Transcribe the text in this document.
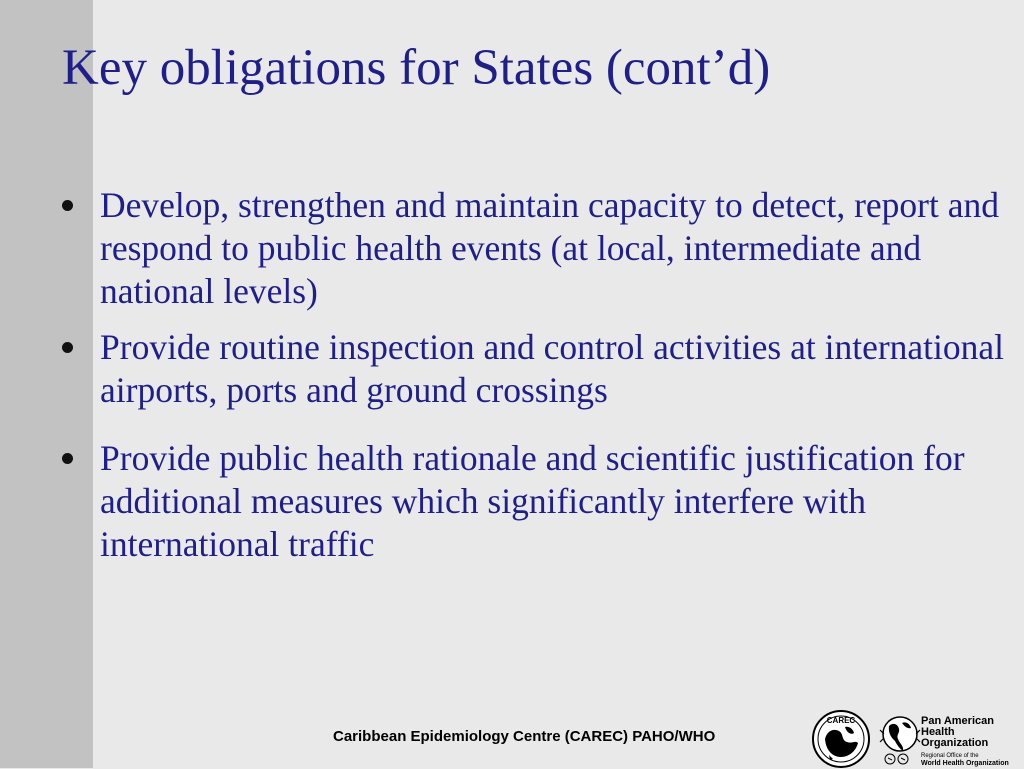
Key obligations for States (cont’d)
Develop, strengthen and maintain capacity to detect, report and respond to public health events (at local, intermediate and national levels)
Provide routine inspection and control activities at international airports, ports and ground crossings
Provide public health rationale and scientific justification for additional measures which significantly interfere with international traffic
Caribbean Epidemiology Centre (CAREC) PAHO/WHO
CAREC	Pan American
Health
Organization
Regional Office of the
World Health Organization
